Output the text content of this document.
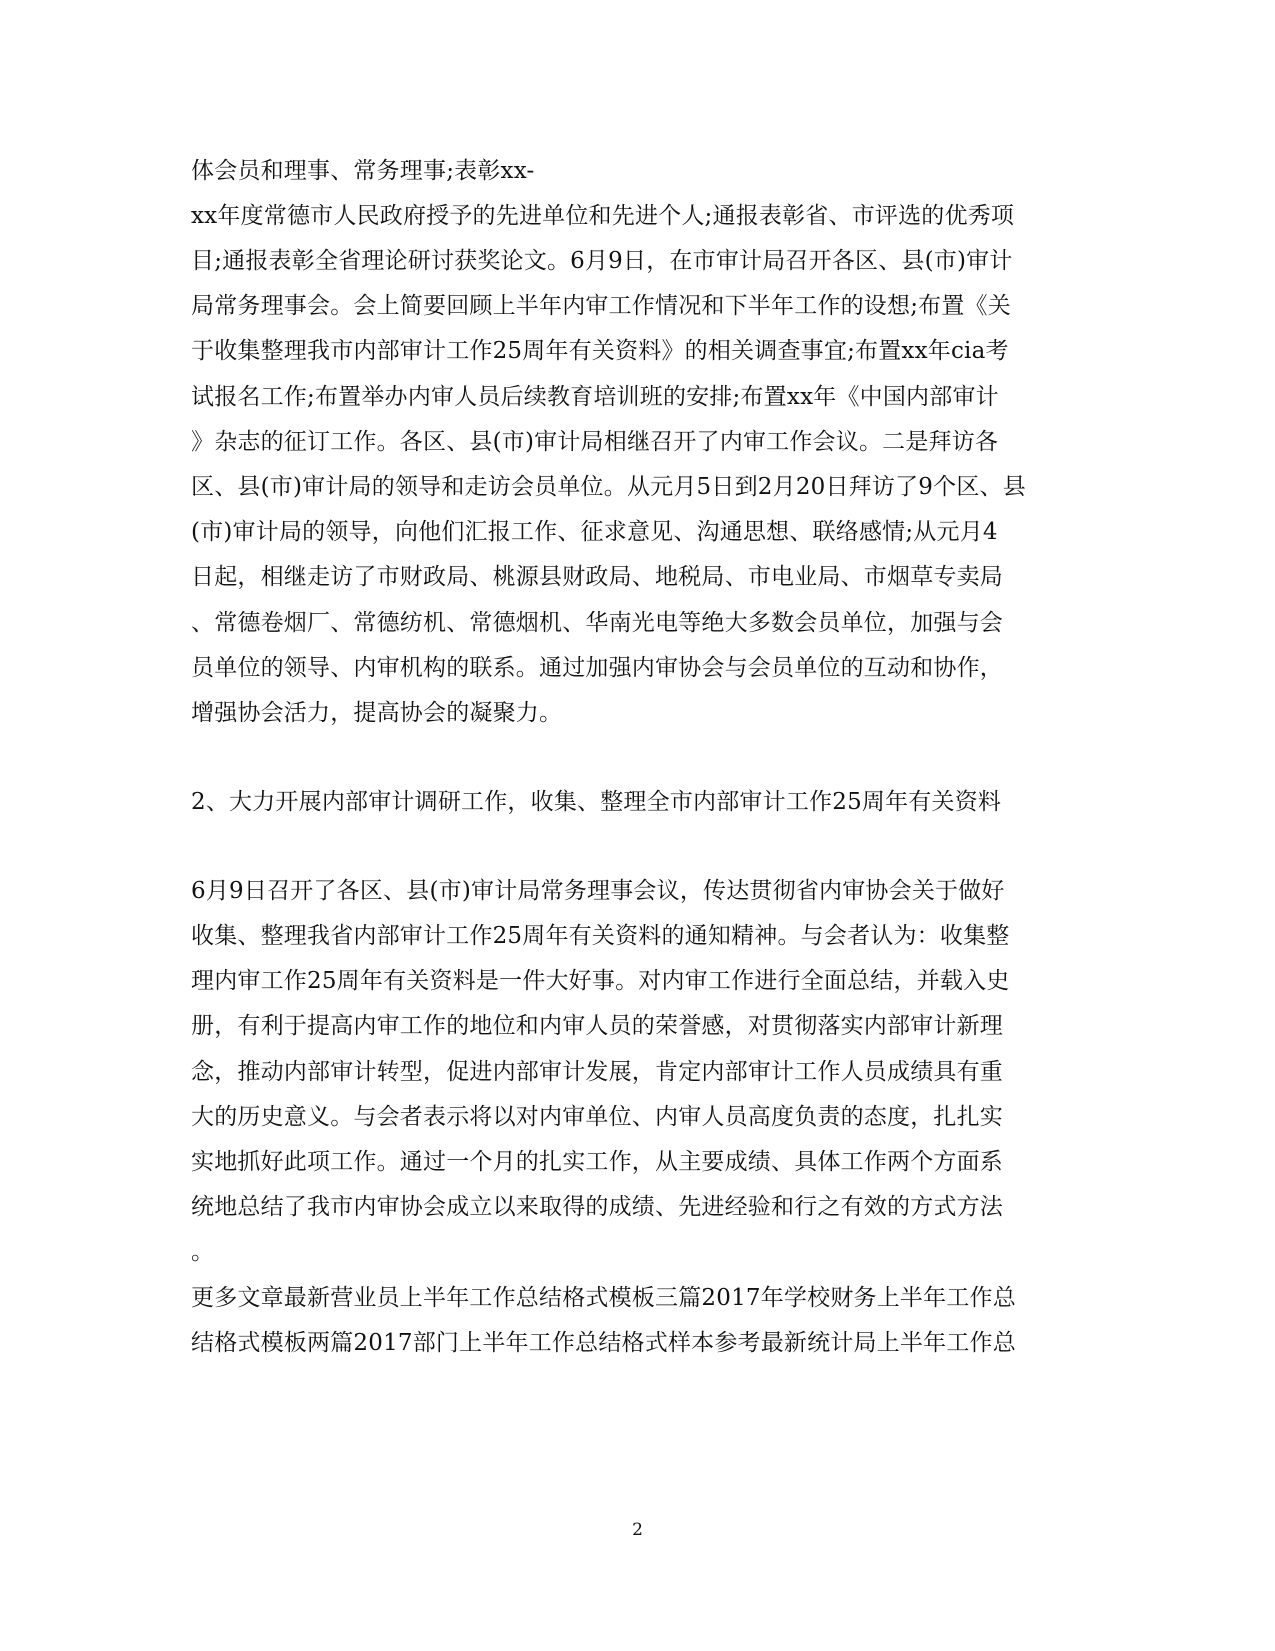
体会员和理事、常务理事;表彰xx-
xx年度常德市人民政府授予的先进单位和先进个人;通报表彰省、市评选的优秀项
目;通报表彰全省理论研讨获奖论文。6月9日，在市审计局召开各区、县(市)审计
局常务理事会。会上简要回顾上半年内审工作情况和下半年工作的设想;布置《关
于收集整理我市内部审计工作25周年有关资料》的相关调查事宜;布置xx年cia考
试报名工作;布置举办内审人员后续教育培训班的安排;布置xx年《中国内部审计
》杂志的征订工作。各区、县(市)审计局相继召开了内审工作会议。二是拜访各
区、县(市)审计局的领导和走访会员单位。从元月5日到2月20日拜访了9个区、县
(市)审计局的领导，向他们汇报工作、征求意见、沟通思想、联络感情;从元月4
日起，相继走访了市财政局、桃源县财政局、地税局、市电业局、市烟草专卖局
、常德卷烟厂、常德纺机、常德烟机、华南光电等绝大多数会员单位，加强与会
员单位的领导、内审机构的联系。通过加强内审协会与会员单位的互动和协作，
增强协会活力，提高协会的凝聚力。
2、大力开展内部审计调研工作，收集、整理全市内部审计工作25周年有关资料
6月9日召开了各区、县(市)审计局常务理事会议，传达贯彻省内审协会关于做好
收集、整理我省内部审计工作25周年有关资料的通知精神。与会者认为：收集整
理内审工作25周年有关资料是一件大好事。对内审工作进行全面总结，并载入史
册，有利于提高内审工作的地位和内审人员的荣誉感，对贯彻落实内部审计新理
念，推动内部审计转型，促进内部审计发展，肯定内部审计工作人员成绩具有重
大的历史意义。与会者表示将以对内审单位、内审人员高度负责的态度，扎扎实
实地抓好此项工作。通过一个月的扎实工作，从主要成绩、具体工作两个方面系
统地总结了我市内审协会成立以来取得的成绩、先进经验和行之有效的方式方法
。
更多文章最新营业员上半年工作总结格式模板三篇2017年学校财务上半年工作总
结格式模板两篇2017部门上半年工作总结格式样本参考最新统计局上半年工作总
2
